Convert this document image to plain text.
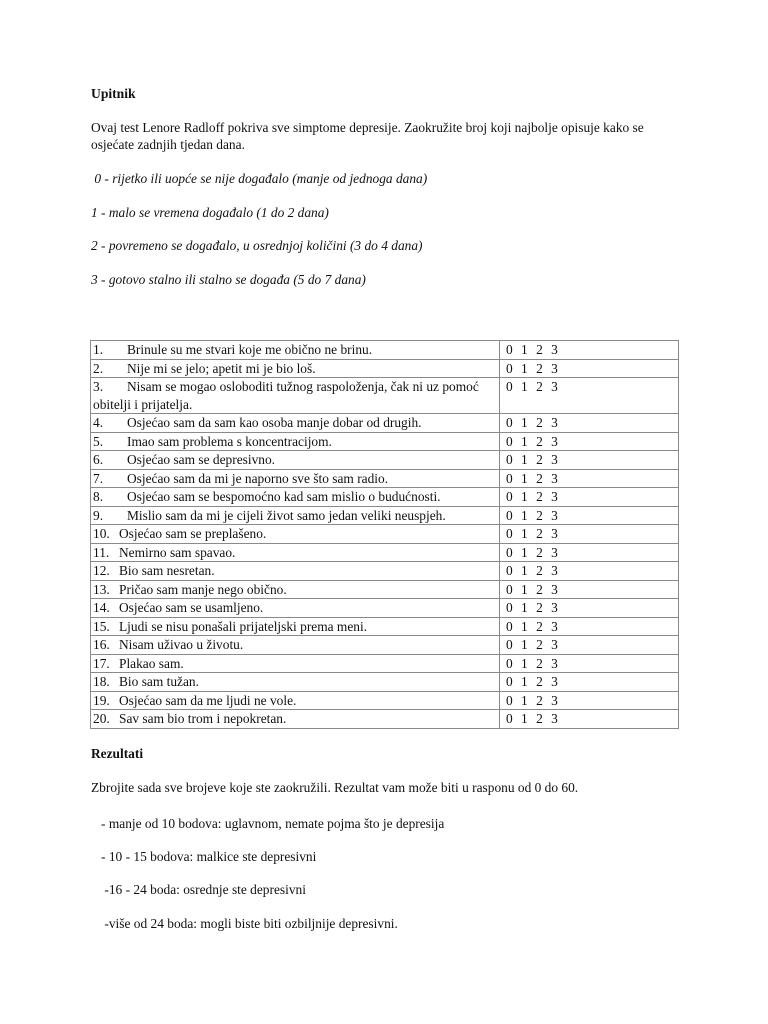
Upitnik
Ovaj test Lenore Radloff pokriva sve simptome depresije. Zaokružite broj koji najbolje opisuje kako se osjećate zadnjih tjedan dana.
0 - rijetko ili uopće se nije događalo (manje od jednoga dana)
1 - malo se vremena događalo (1 do 2 dana)
2 - povremeno se događalo, u osrednjoj količini (3 do 4 dana)
3 - gotovo stalno ili stalno se događa (5 do 7 dana)
1. Brinule su me stvari koje me obično ne brinu.	0 1 2 3
2. Nije mi se jelo; apetit mi je bio loš.	0 1 2 3
3. Nisam se mogao osloboditi tužnog raspoloženja, čak ni uz pomoć obitelji i prijatelja.	0 1 2 3
4. Osjećao sam da sam kao osoba manje dobar od drugih.	0 1 2 3
5. Imao sam problema s koncentracijom.	0 1 2 3
6. Osjećao sam se depresivno.	0 1 2 3
7. Osjećao sam da mi je naporno sve što sam radio.	0 1 2 3
8. Osjećao sam se bespomoćno kad sam mislio o budućnosti.	0 1 2 3
9. Mislio sam da mi je cijeli život samo jedan veliki neuspjeh.	0 1 2 3
10. Osjećao sam se preplašeno.	0 1 2 3
11. Nemirno sam spavao.	0 1 2 3
12. Bio sam nesretan.	0 1 2 3
13. Pričao sam manje nego obično.	0 1 2 3
14. Osjećao sam se usamljeno.	0 1 2 3
15. Ljudi se nisu ponašali prijateljski prema meni.	0 1 2 3
16. Nisam uživao u životu.	0 1 2 3
17. Plakao sam.	0 1 2 3
18. Bio sam tužan.	0 1 2 3
19. Osjećao sam da me ljudi ne vole.	0 1 2 3
20. Sav sam bio trom i nepokretan.	0 1 2 3
Rezultati
Zbrojite sada sve brojeve koje ste zaokružili. Rezultat vam može biti u rasponu od 0 do 60.
- manje od 10 bodova: uglavnom, nemate pojma što je depresija
- 10 - 15 bodova: malkice ste depresivni
-16 - 24 boda: osrednje ste depresivni
-više od 24 boda: mogli biste biti ozbiljnije depresivni.
